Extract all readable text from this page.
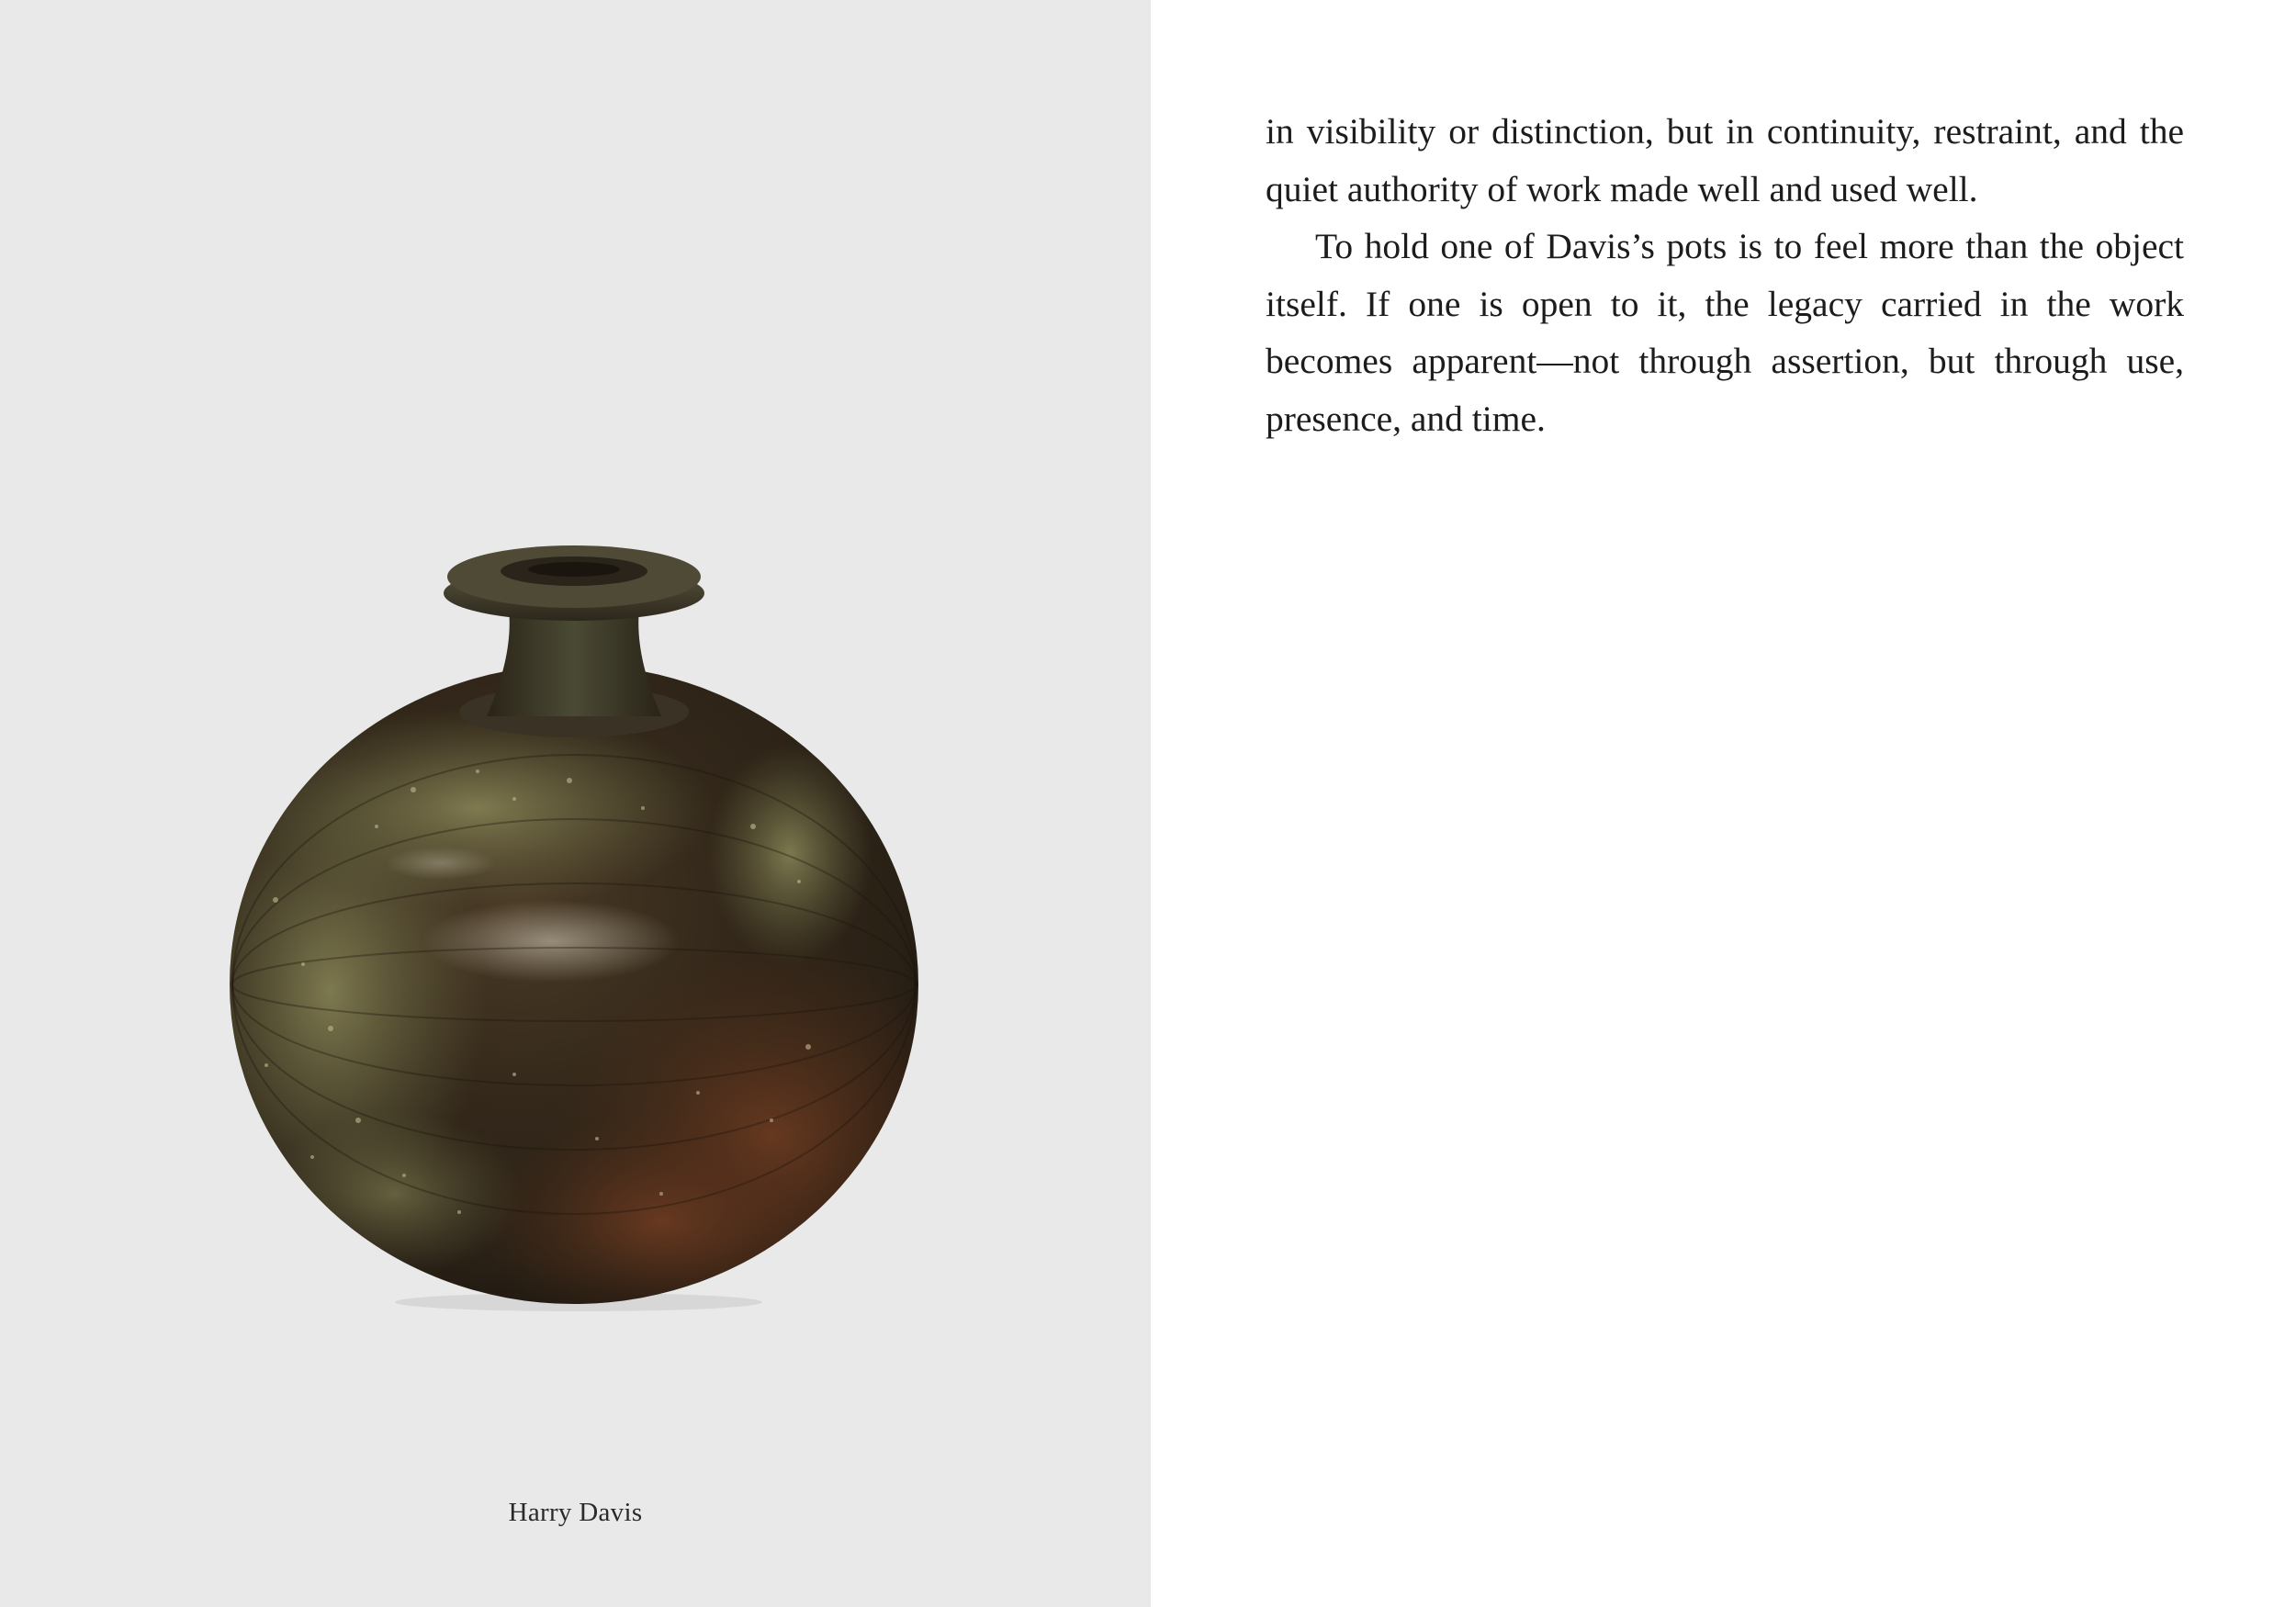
Harry Davis

in visibility or distinction, but in continuity, restraint, and the quiet authority of work made well and used well.

To hold one of Davis’s pots is to feel more than the object itself. If one is open to it, the legacy carried in the work becomes apparent—not through assertion, but through use, presence, and time.
